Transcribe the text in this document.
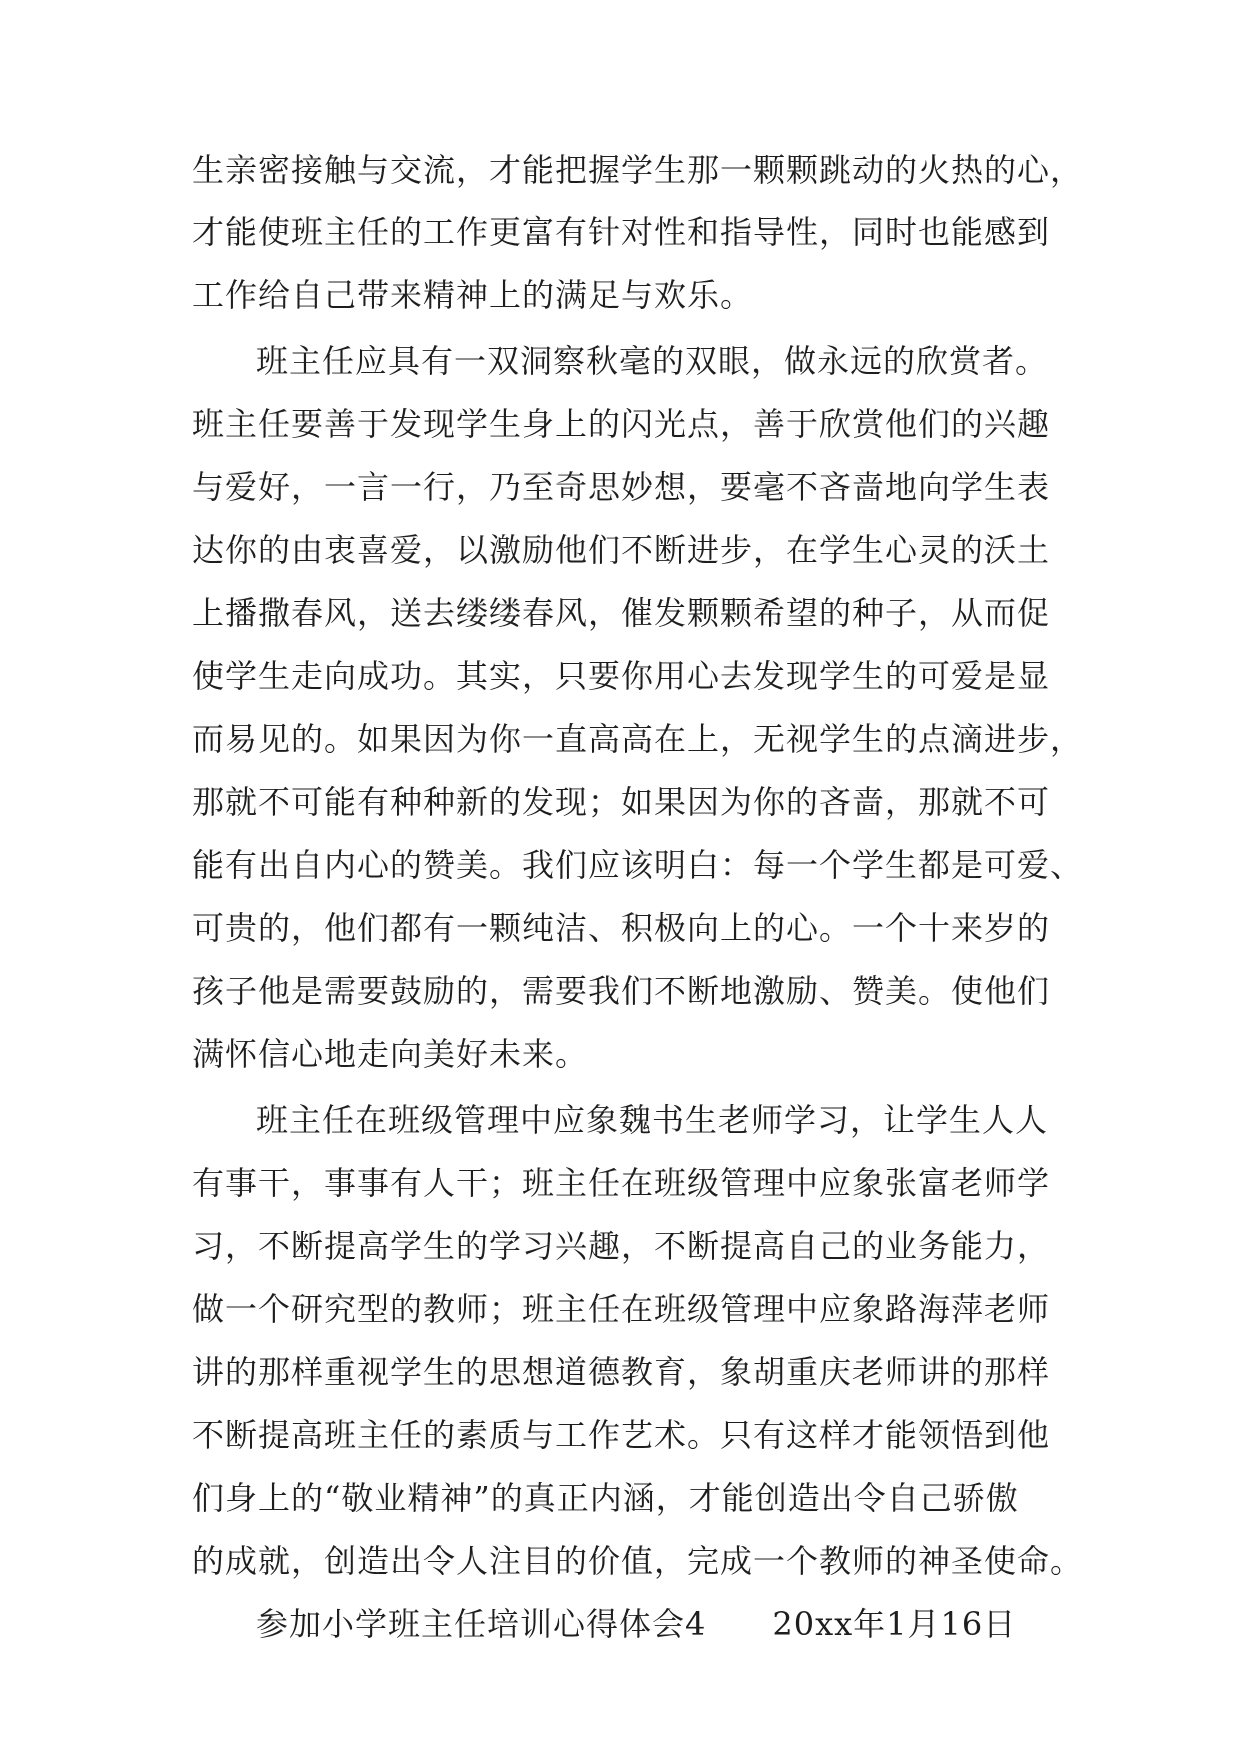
生亲密接触与交流，才能把握学生那一颗颗跳动的火热的心，
才能使班主任的工作更富有针对性和指导性，同时也能感到
工作给自己带来精神上的满足与欢乐。
班主任应具有一双洞察秋毫的双眼，做永远的欣赏者。
班主任要善于发现学生身上的闪光点，善于欣赏他们的兴趣
与爱好，一言一行，乃至奇思妙想，要毫不吝啬地向学生表
达你的由衷喜爱，以激励他们不断进步，在学生心灵的沃土
上播撒春风，送去缕缕春风，催发颗颗希望的种子，从而促
使学生走向成功。其实，只要你用心去发现学生的可爱是显
而易见的。如果因为你一直高高在上，无视学生的点滴进步，
那就不可能有种种新的发现；如果因为你的吝啬，那就不可
能有出自内心的赞美。我们应该明白：每一个学生都是可爱、
可贵的，他们都有一颗纯洁、积极向上的心。一个十来岁的
孩子他是需要鼓励的，需要我们不断地激励、赞美。使他们
满怀信心地走向美好未来。
班主任在班级管理中应象魏书生老师学习，让学生人人
有事干，事事有人干；班主任在班级管理中应象张富老师学
习，不断提高学生的学习兴趣，不断提高自己的业务能力，
做一个研究型的教师；班主任在班级管理中应象路海萍老师
讲的那样重视学生的思想道德教育，象胡重庆老师讲的那样
不断提高班主任的素质与工作艺术。只有这样才能领悟到他
们身上的“敬业精神”的真正内涵，才能创造出令自己骄傲
的成就，创造出令人注目的价值，完成一个教师的神圣使命。
参加小学班主任培训心得体会4　　20xx年1月16日
